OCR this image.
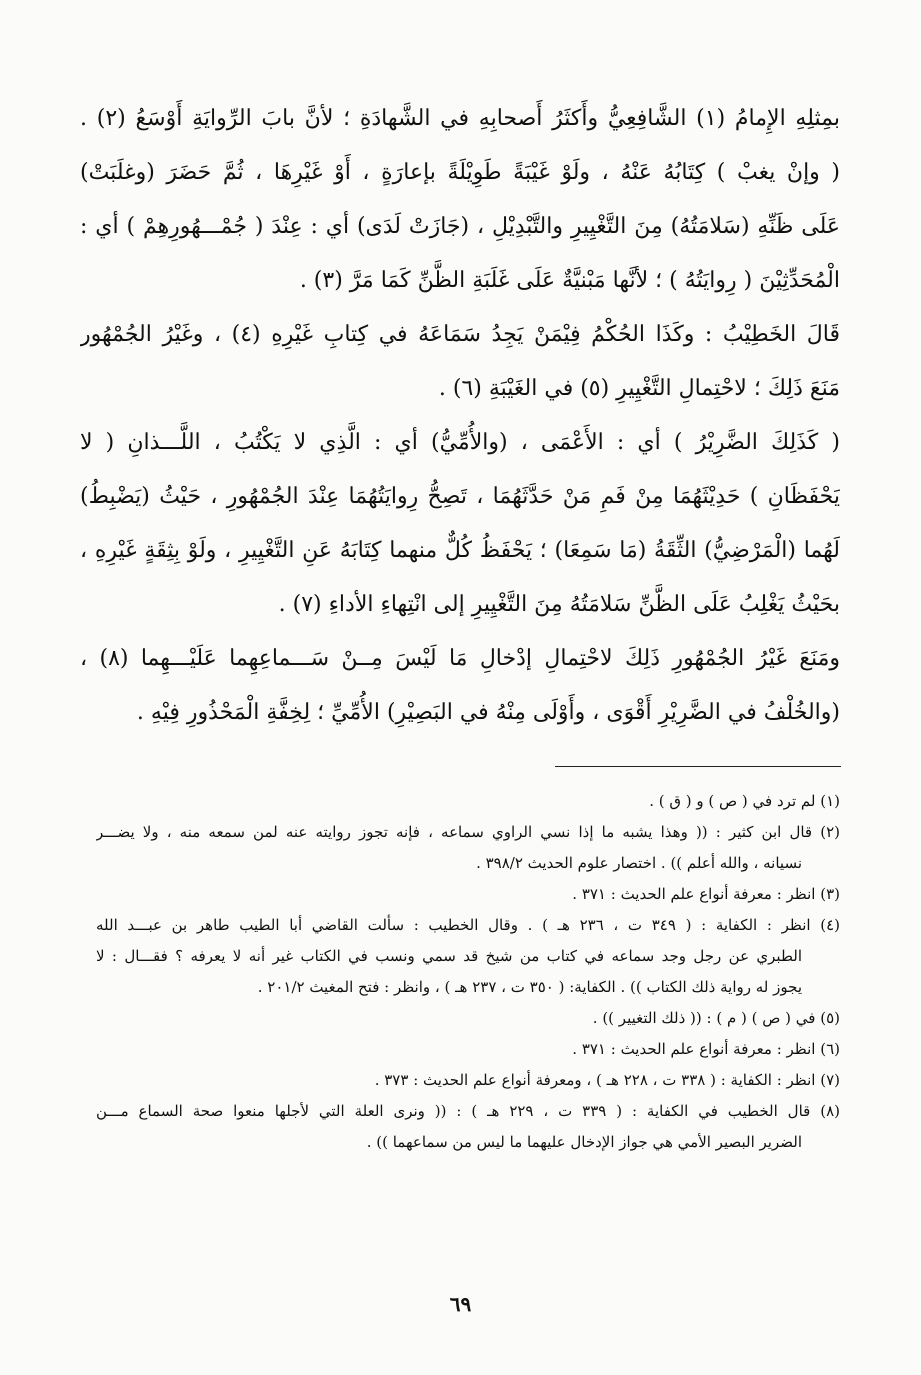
بمِثلِهِ الإِمامُ (١) الشَّافِعِيُّ وأَكثَرُ أَصحابِهِ في الشَّهادَةِ ؛ لأنَّ بابَ الرِّوايَةِ أَوْسَعُ (٢) .
( وإنْ يغبْ ) كِتَابُهُ عَنْهُ ، ولَوْ غَيْبَةً طَوِيْلَةً بإعارَةٍ ، أَوْ غَيْرِهَا ، ثُمَّ حَضَرَ (وغلَبَتْ)
عَلَى ظَنِّهِ (سَلامَتُهُ) مِنَ التَّغْيِيرِ والتَّبْدِيْلِ ، (جَازَتْ لَدَى) أي : عِنْدَ ( جُمْـــهُورِهِمْ ) أي :
الْمُحَدِّثِيْنَ ( رِوايَتُهُ ) ؛ لأنَّها مَبْنيَّةٌ عَلَى غَلَبَةِ الظَّنِّ كَمَا مَرَّ (٣) .
قَالَ الخَطِيْبُ : وكَذَا الحُكْمُ فِيْمَنْ يَجِدُ سَمَاعَهُ في كِتابِ غَيْرِهِ (٤) ، وغَيْرُ الجُمْهُور
مَنَعَ ذَلِكَ ؛ لاحْتِمالِ التَّغْيِيرِ (٥) في الغَيْبَةِ (٦) .
( كَذَلِكَ الضَّرِيْرُ ) أي : الأَعْمَى ، (والأُمِّيُّ) أي : الَّذِي لا يَكْتُبُ ، اللَّـــذانِ ( لا
يَحْفَظَانِ ) حَدِيْثَهُمَا مِنْ فَمِ مَنْ حَدَّثَهُمَا ، تَصِحُّ رِوايَتُهُمَا عِنْدَ الجُمْهُورِ ، حَيْثُ (يَضْبِطُ)
لَهُما (الْمَرْضِيُّ) الثِّقَةُ (مَا سَمِعَا) ؛ يَحْفَظُ كُلٌّ منهما كِتَابَهُ عَنِ التَّغْيِيرِ ، ولَوْ بِثِقَةٍ غَيْرِهِ ،
بحَيْثُ يَغْلِبُ عَلَى الظَّنِّ سَلامَتُهُ مِنَ التَّغْيِيرِ إلى انْتِهاءِ الأداءِ (٧) .
ومَنَعَ غَيْرُ الجُمْهُورِ ذَلِكَ لاحْتِمالِ إدْخالِ مَا لَيْسَ مِــنْ سَـــماعِهِما عَلَيْـــهِما (٨) ،
(والخُلْفُ في الضَّرِيْرِ أَقْوَى ، وأَوْلَى مِنْهُ في البَصِيْرِ) الأُمِّيِّ ؛ لِخِفَّةِ الْمَحْذُورِ فِيْهِ .
(١) لم ترد في ( ص ) و ( ق ) .
(٢) قال ابن كثير : (( وهذا يشبه ما إذا نسي الراوي سماعه ، فإنه تجوز روايته عنه لمن سمعه منه ، ولا يضـــر
نسيانه ، والله أعلم )) . اختصار علوم الحديث ٣٩٨/٢ .
(٣) انظر : معرفة أنواع علم الحديث : ٣٧١ .
(٤) انظر : الكفاية : ( ٣٤٩ ت ، ٢٣٦ هـ ) . وقال الخطيب : سألت القاضي أبا الطيب طاهر بن عبـــد الله
الطبري عن رجل وجد سماعه في كتاب من شيخ قد سمي ونسب في الكتاب غير أنه لا يعرفه ؟ فقـــال : لا
يجوز له رواية ذلك الكتاب )) . الكفاية: ( ٣٥٠ ت ، ٢٣٧ هـ ) ، وانظر : فتح المغيث ٢٠١/٢ .
(٥) في ( ص ) ( م ) : (( ذلك التغيير )) .
(٦) انظر : معرفة أنواع علم الحديث : ٣٧١ .
(٧) انظر : الكفاية : ( ٣٣٨ ت ، ٢٢٨ هـ ) ، ومعرفة أنواع علم الحديث : ٣٧٣ .
(٨) قال الخطيب في الكفاية : ( ٣٣٩ ت ، ٢٢٩ هـ ) : (( ونرى العلة التي لأجلها منعوا صحة السماع مـــن
الضرير البصير الأمي هي جواز الإدخال عليهما ما ليس من سماعهما )) .
٦٩
